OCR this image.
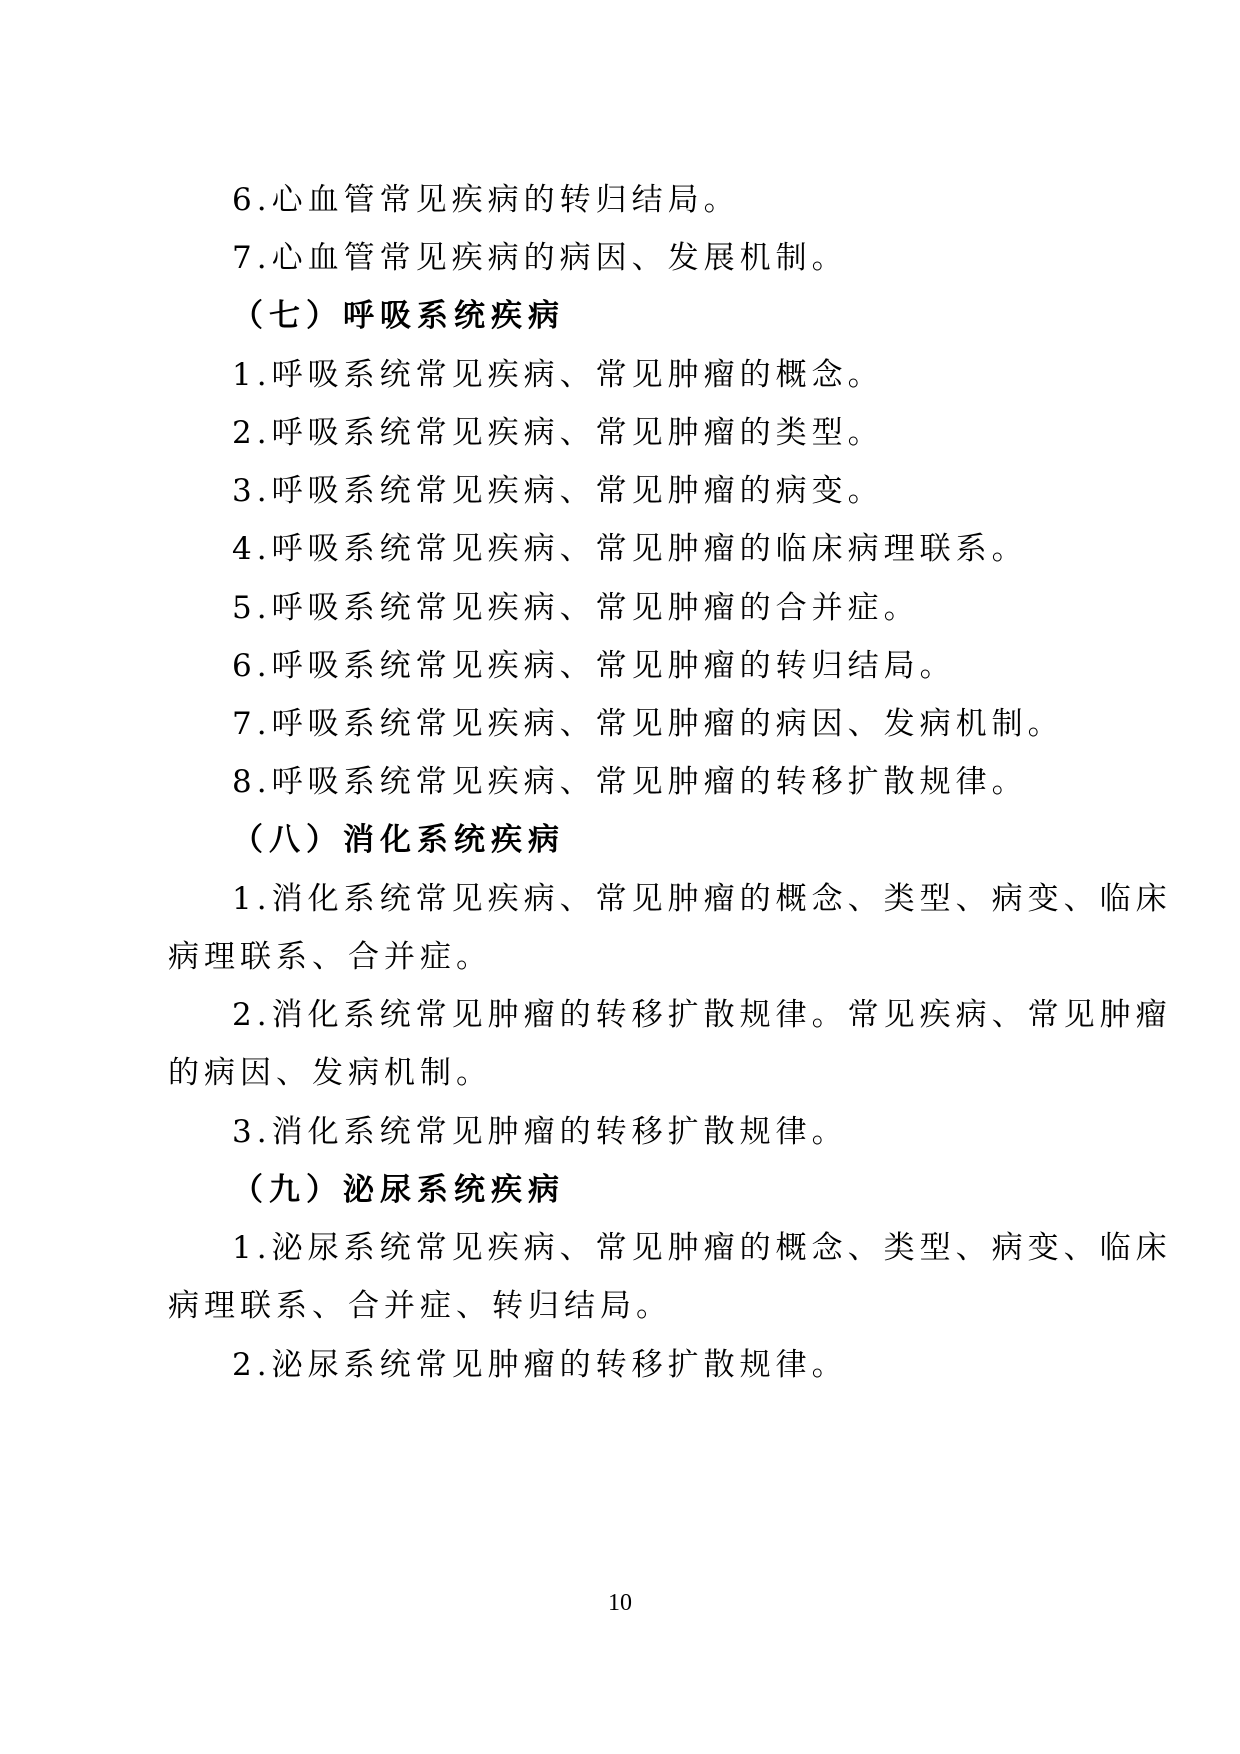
6.心血管常见疾病的转归结局。
7.心血管常见疾病的病因、发展机制。
（七）呼吸系统疾病
1.呼吸系统常见疾病、常见肿瘤的概念。
2.呼吸系统常见疾病、常见肿瘤的类型。
3.呼吸系统常见疾病、常见肿瘤的病变。
4.呼吸系统常见疾病、常见肿瘤的临床病理联系。
5.呼吸系统常见疾病、常见肿瘤的合并症。
6.呼吸系统常见疾病、常见肿瘤的转归结局。
7.呼吸系统常见疾病、常见肿瘤的病因、发病机制。
8.呼吸系统常见疾病、常见肿瘤的转移扩散规律。
（八）消化系统疾病
1.消化系统常见疾病、常见肿瘤的概念、类型、病变、临床
病理联系、合并症。
2.消化系统常见肿瘤的转移扩散规律。常见疾病、常见肿瘤
的病因、发病机制。
3.消化系统常见肿瘤的转移扩散规律。
（九）泌尿系统疾病
1.泌尿系统常见疾病、常见肿瘤的概念、类型、病变、临床
病理联系、合并症、转归结局。
2.泌尿系统常见肿瘤的转移扩散规律。
10
